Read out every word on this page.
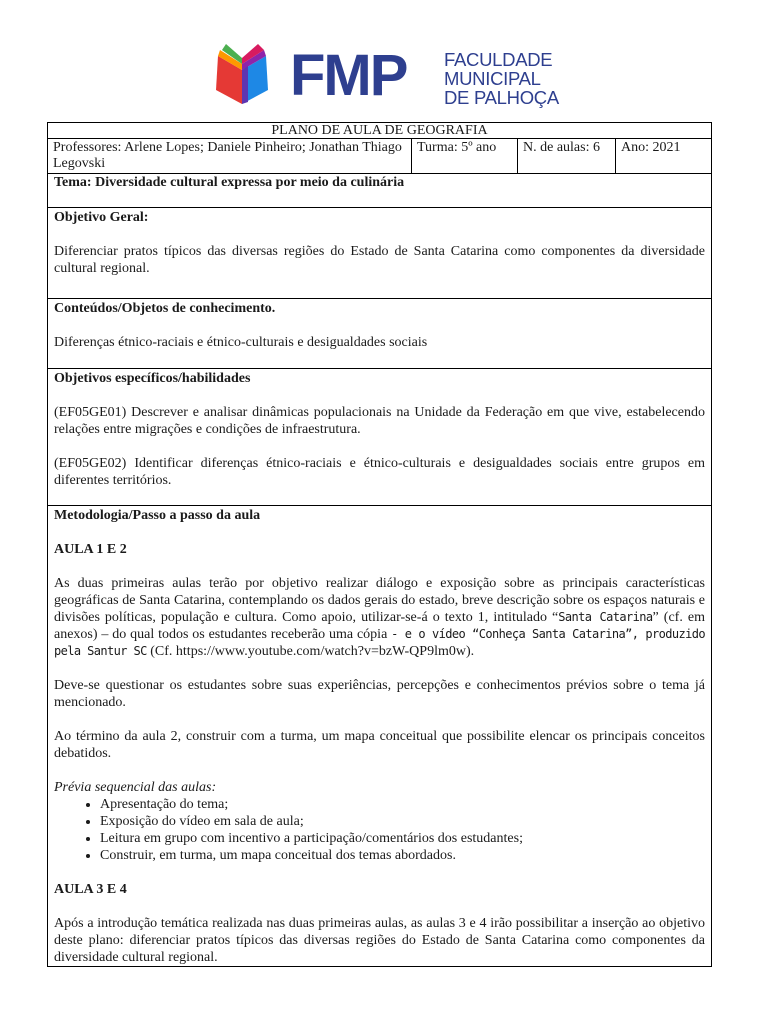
FMP FACULDADE
MUNICIPAL
DE PALHOÇA
PLANO DE AULA DE GEOGRAFIA
Professores: Arlene Lopes; Daniele Pinheiro; Jonathan Thiago Legovski
Turma: 5º ano	N. de aulas: 6	Ano: 2021
Tema: Diversidade cultural expressa por meio da culinária
Objetivo Geral:

Diferenciar pratos típicos das diversas regiões do Estado de Santa Catarina como componentes da diversidade cultural regional.

Conteúdos/Objetos de conhecimento.

Diferenças étnico-raciais e étnico-culturais e desigualdades sociais

Objetivos específicos/habilidades

(EF05GE01) Descrever e analisar dinâmicas populacionais na Unidade da Federação em que vive, estabelecendo relações entre migrações e condições de infraestrutura.

(EF05GE02) Identificar diferenças étnico-raciais e étnico-culturais e desigualdades sociais entre grupos em diferentes territórios.

Metodologia/Passo a passo da aula
AULA 1 E 2

As duas primeiras aulas terão por objetivo realizar diálogo e exposição sobre as principais características geográficas de Santa Catarina, contemplando os dados gerais do estado, breve descrição sobre os espaços naturais e divisões políticas, população e cultura. Como apoio, utilizar-se-á o texto 1, intitulado “Santa Catarina” (cf. em anexos) – do qual todos os estudantes receberão uma cópia - e o vídeo “Conheça Santa Catarina”, produzido pela Santur SC (Cf. https://www.youtube.com/watch?v=bzW-QP9lm0w).

Deve-se questionar os estudantes sobre suas experiências, percepções e conhecimentos prévios sobre o tema já mencionado.

Ao término da aula 2, construir com a turma, um mapa conceitual que possibilite elencar os principais conceitos debatidos.

Prévia sequencial das aulas:
• Apresentação do tema;
• Exposição do vídeo em sala de aula;
• Leitura em grupo com incentivo a participação/comentários dos estudantes;
• Construir, em turma, um mapa conceitual dos temas abordados.
AULA 3 E 4

Após a introdução temática realizada nas duas primeiras aulas, as aulas 3 e 4 irão possibilitar a inserção ao objetivo deste plano: diferenciar pratos típicos das diversas regiões do Estado de Santa Catarina como componentes da diversidade cultural regional.
